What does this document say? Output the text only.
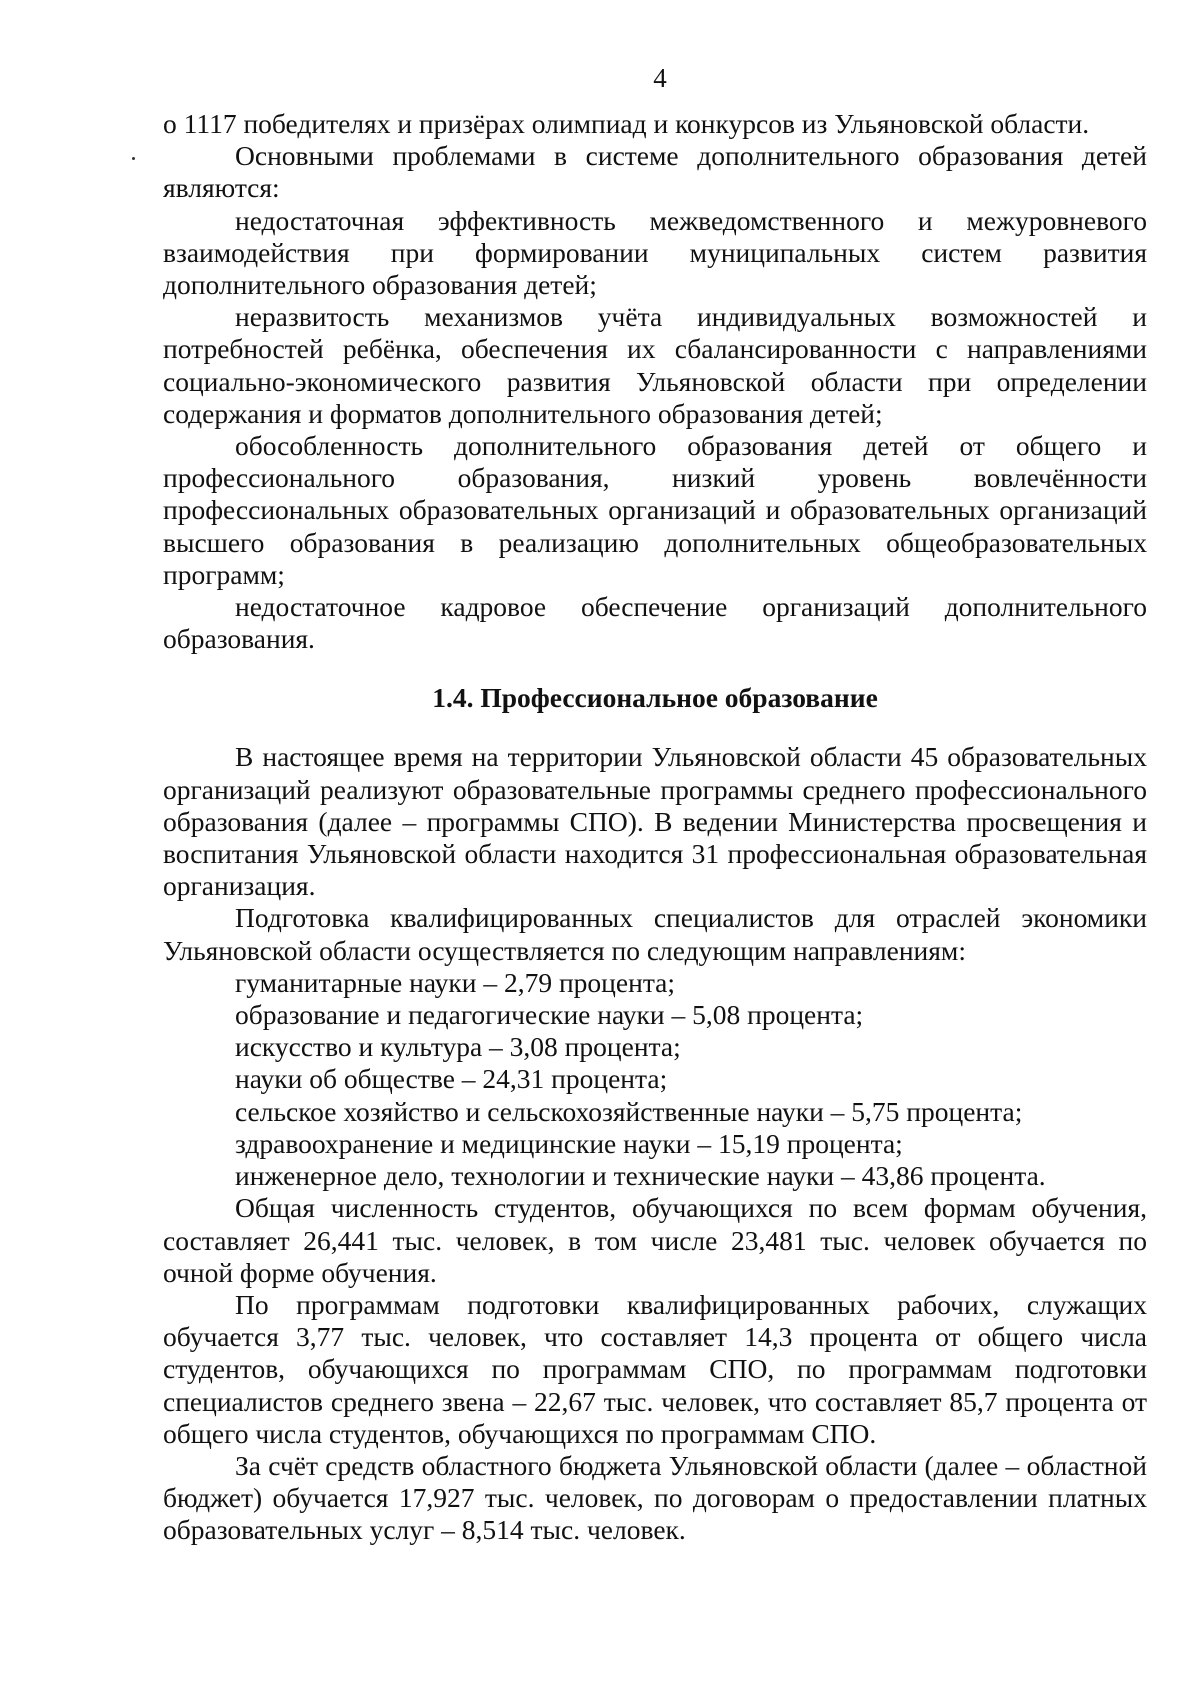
4

о 1117 победителях и призёрах олимпиад и конкурсов из Ульяновской области.

Основными проблемами в системе дополнительного образования детей являются:

недостаточная эффективность межведомственного и межуровневого взаимодействия при формировании муниципальных систем развития дополнительного образования детей;

неразвитость механизмов учёта индивидуальных возможностей и потребностей ребёнка, обеспечения их сбалансированности с направлениями социально-экономического развития Ульяновской области при определении содержания и форматов дополнительного образования детей;

обособленность дополнительного образования детей от общего и профессионального образования, низкий уровень вовлечённости профессиональных образовательных организаций и образовательных организаций высшего образования в реализацию дополнительных общеобразовательных программ;

недостаточное кадровое обеспечение организаций дополнительного образования.

1.4. Профессиональное образование

В настоящее время на территории Ульяновской области 45 образовательных организаций реализуют образовательные программы среднего профессионального образования (далее – программы СПО). В ведении Министерства просвещения и воспитания Ульяновской области находится 31 профессиональная образовательная организация.

Подготовка квалифицированных специалистов для отраслей экономики Ульяновской области осуществляется по следующим направлениям:

гуманитарные науки – 2,79 процента;

образование и педагогические науки – 5,08 процента;

искусство и культура – 3,08 процента;

науки об обществе – 24,31 процента;

сельское хозяйство и сельскохозяйственные науки – 5,75 процента;

здравоохранение и медицинские науки – 15,19 процента;

инженерное дело, технологии и технические науки – 43,86 процента.

Общая численность студентов, обучающихся по всем формам обучения, составляет 26,441 тыс. человек, в том числе 23,481 тыс. человек обучается по очной форме обучения.

По программам подготовки квалифицированных рабочих, служащих обучается 3,77 тыс. человек, что составляет 14,3 процента от общего числа студентов, обучающихся по программам СПО, по программам подготовки специалистов среднего звена – 22,67 тыс. человек, что составляет 85,7 процента от общего числа студентов, обучающихся по программам СПО.

За счёт средств областного бюджета Ульяновской области (далее – областной бюджет) обучается 17,927 тыс. человек, по договорам о предоставлении платных образовательных услуг – 8,514 тыс. человек.
